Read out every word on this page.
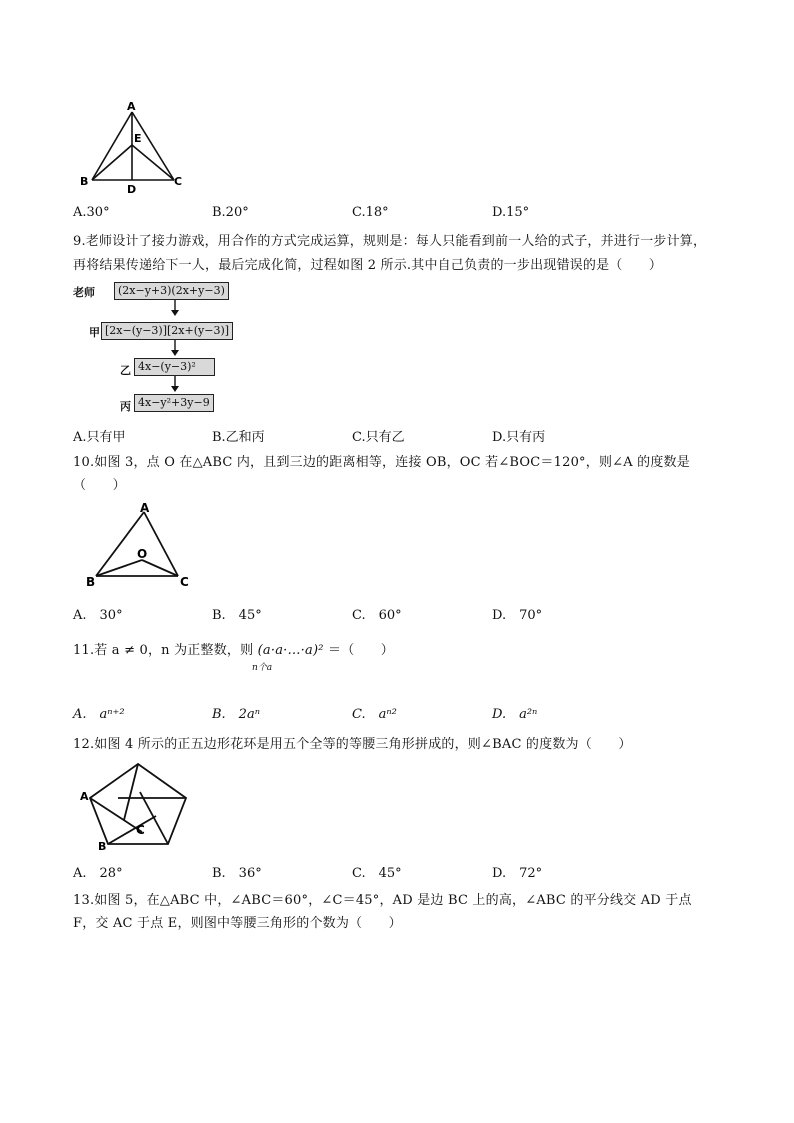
A
E
B
D
C
A.30°	B.20°	C.18°	D.15°
9.老师设计了接力游戏，用合作的方式完成运算，规则是：每人只能看到前一人给的式子，并进行一步计算，
再将结果传递给下一人，最后完成化简，过程如图 2 所示.其中自己负责的一步出现错误的是（　　）
老师	(2x−y+3)(2x+y−3)
甲 [2x−(y−3)][2x+(y−3)]
乙 4x−(y−3)²
丙 4x−y²+3y−9
A.只有甲	B.乙和丙	C.只有乙	D.只有丙
10.如图 3，点 O 在△ABC 内，且到三边的距离相等，连接 OB，OC 若∠BOC＝120°，则∠A 的度数是
（　　）
A
O
B	C
A.　30°	B.　45°	C.　60°	D.　70°
11.若 a ≠ 0，n 为正整数，则 (a·a·…·a)² ＝（　　）
n个a
A.　aⁿ⁺²	B.　2aⁿ	C.　aⁿ²	D.　a²ⁿ
12.如图 4 所示的正五边形花环是用五个全等的等腰三角形拼成的，则∠BAC 的度数为（　　）
A
B
C
A.　28°	B.　36°	C.　45°	D.　72°
13.如图 5，在△ABC 中，∠ABC＝60°，∠C＝45°，AD 是边 BC 上的高，∠ABC 的平分线交 AD 于点
F，交 AC 于点 E，则图中等腰三角形的个数为（　　）
